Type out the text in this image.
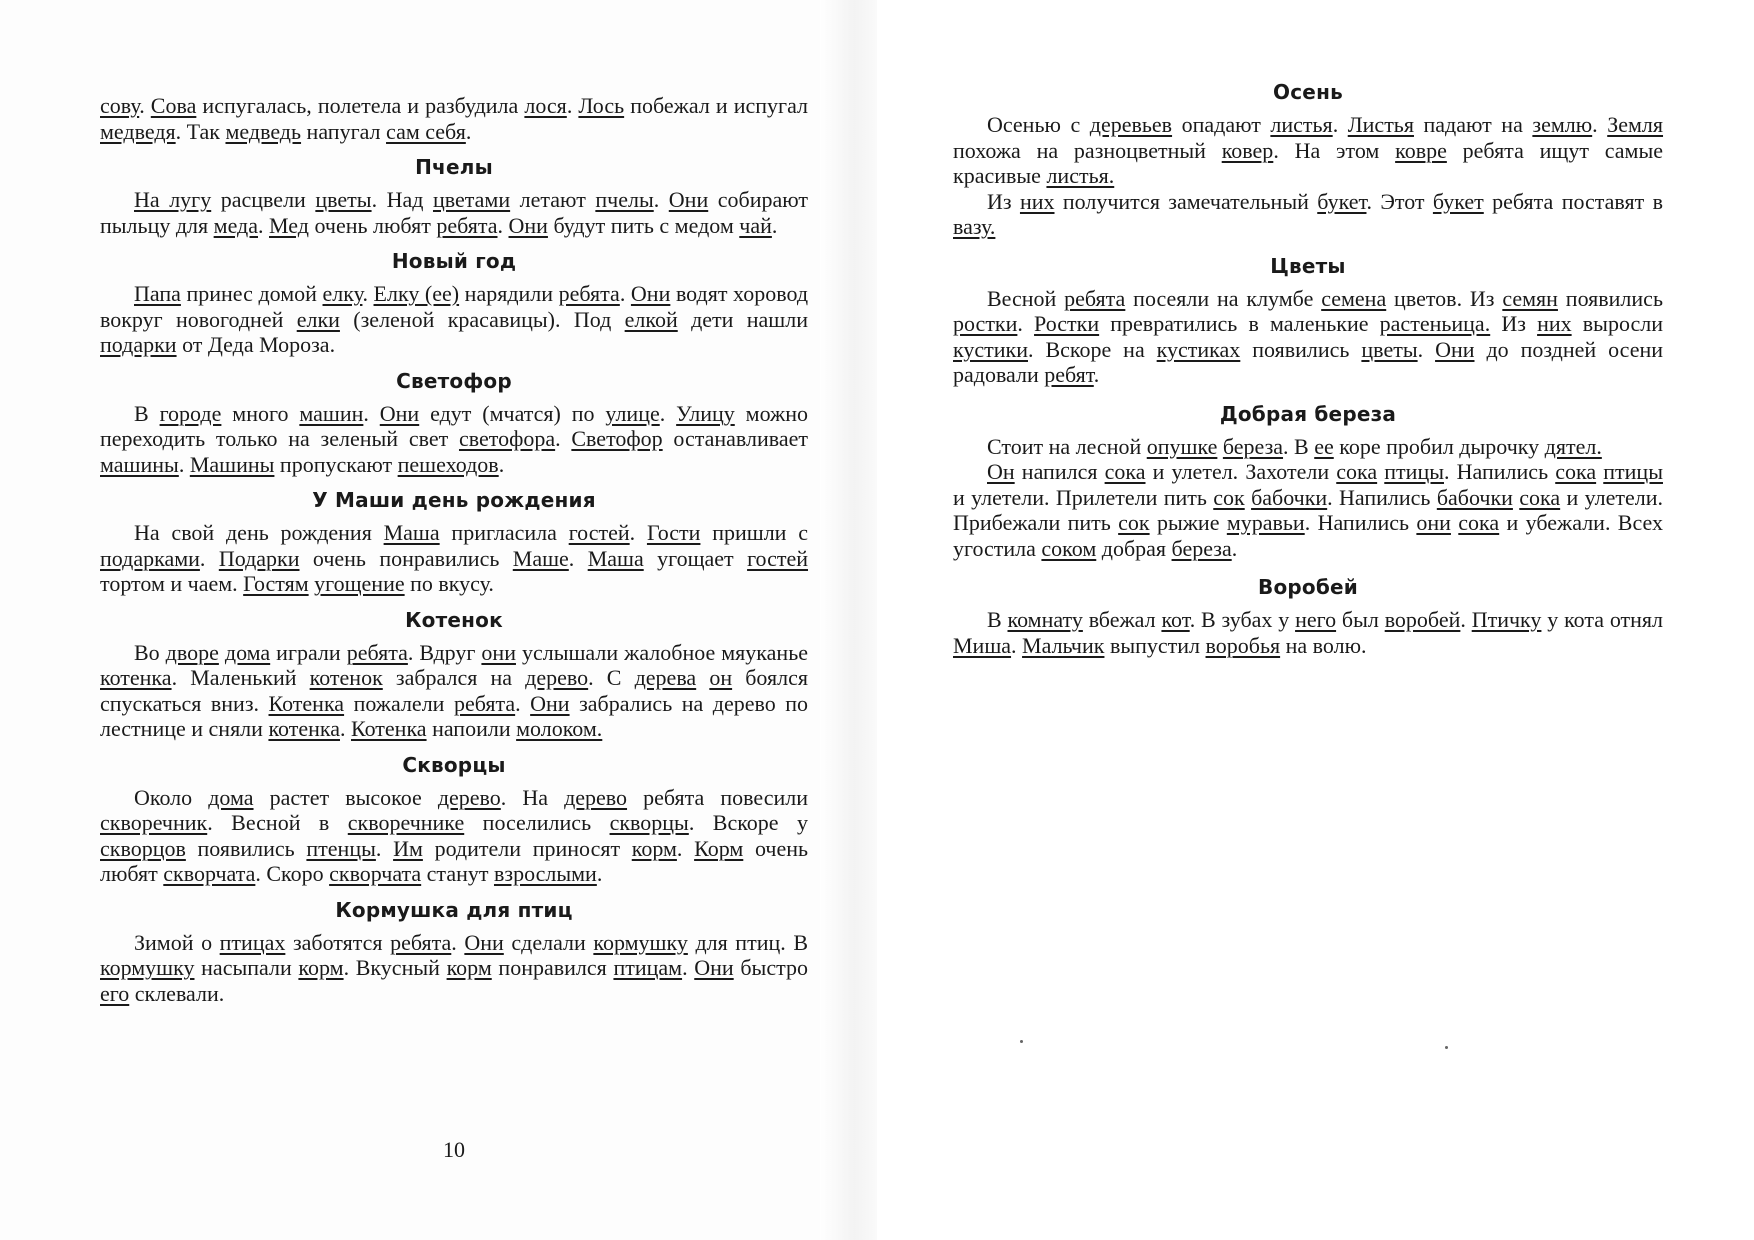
сову. Сова испугалась, полетела и разбудила лося. Лось побежал и испугал медведя. Так медведь напугал сам себя.

Пчелы

На лугу расцвели цветы. Над цветами летают пчелы. Они собирают пыльцу для меда. Мед очень любят ребята. Они будут пить с медом чай.

Новый год

Папа принес домой елку. Елку (ее) нарядили ребята. Они водят хоровод вокруг новогодней елки (зеленой красавицы). Под елкой дети нашли подарки от Деда Мороза.

Светофор

В городе много машин. Они едут (мчатся) по улице. Улицу можно переходить только на зеленый свет светофора. Светофор останавливает машины. Машины пропускают пешеходов.

У Маши день рождения

На свой день рождения Маша пригласила гостей. Гости пришли с подарками. Подарки очень понравились Маше. Маша угощает гостей тортом и чаем. Гостям угощение по вкусу.

Котенок

Во дворе дома играли ребята. Вдруг они услышали жалобное мяуканье котенка. Маленький котенок забрался на дерево. С дерева он боялся спускаться вниз. Котенка пожалели ребята. Они забрались на дерево по лестнице и сняли котенка. Котенка напоили молоком.

Скворцы

Около дома растет высокое дерево. На дерево ребята повесили скворечник. Весной в скворечнике поселились скворцы. Вскоре у скворцов появились птенцы. Им родители приносят корм. Корм очень любят скворчата. Скоро скворчата станут взрослыми.

Кормушка для птиц

Зимой о птицах заботятся ребята. Они сделали кормушку для птиц. В кормушку насыпали корм. Вкусный корм понравился птицам. Они быстро его склевали.

10
Осень

Осенью с деревьев опадают листья. Листья падают на землю. Земля похожа на разноцветный ковер. На этом ковре ребята ищут самые красивые листья.

Из них получится замечательный букет. Этот букет ребята поставят в вазу.

Цветы

Весной ребята посеяли на клумбе семена цветов. Из семян появились ростки. Ростки превратились в маленькие растеньица. Из них выросли кустики. Вскоре на кустиках появились цветы. Они до поздней осени радовали ребят.

Добрая береза

Стоит на лесной опушке береза. В ее коре пробил дырочку дятел.

Он напился сока и улетел. Захотели сока птицы. Напились сока птицы и улетели. Прилетели пить сок бабочки. Напились бабочки сока и улетели. Прибежали пить сок рыжие муравьи. Напились они сока и убежали. Всех угостила соком добрая береза.

Воробей

В комнату вбежал кот. В зубах у него был воробей. Птичку у кота отнял Миша. Мальчик выпустил воробья на волю.
